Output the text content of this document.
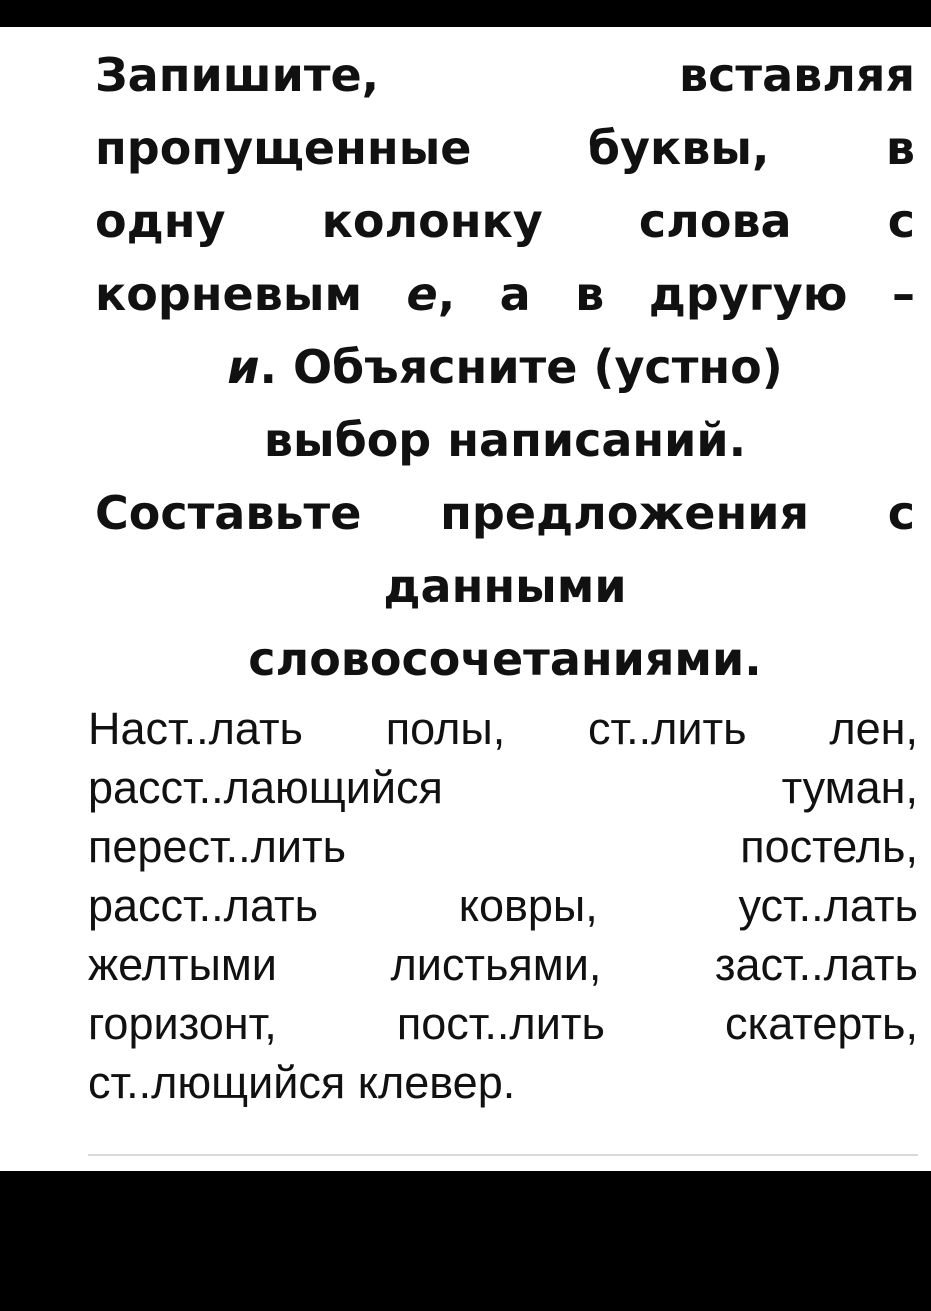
Запишите, вставляя
пропущенные буквы, в
одну колонку слова с
корневым е, а в другую –
и. Объясните (устно)
выбор написаний.
Составьте предложения с
данными
словосочетаниями.
Наст..лать полы, ст..лить лен,
расст..лающийся	туман,
перест..лить	постель,
расст..лать ковры, уст..лать
желтыми листьями, заст..лать
горизонт, пост..лить скатерть,
ст..лющийся клевер.
